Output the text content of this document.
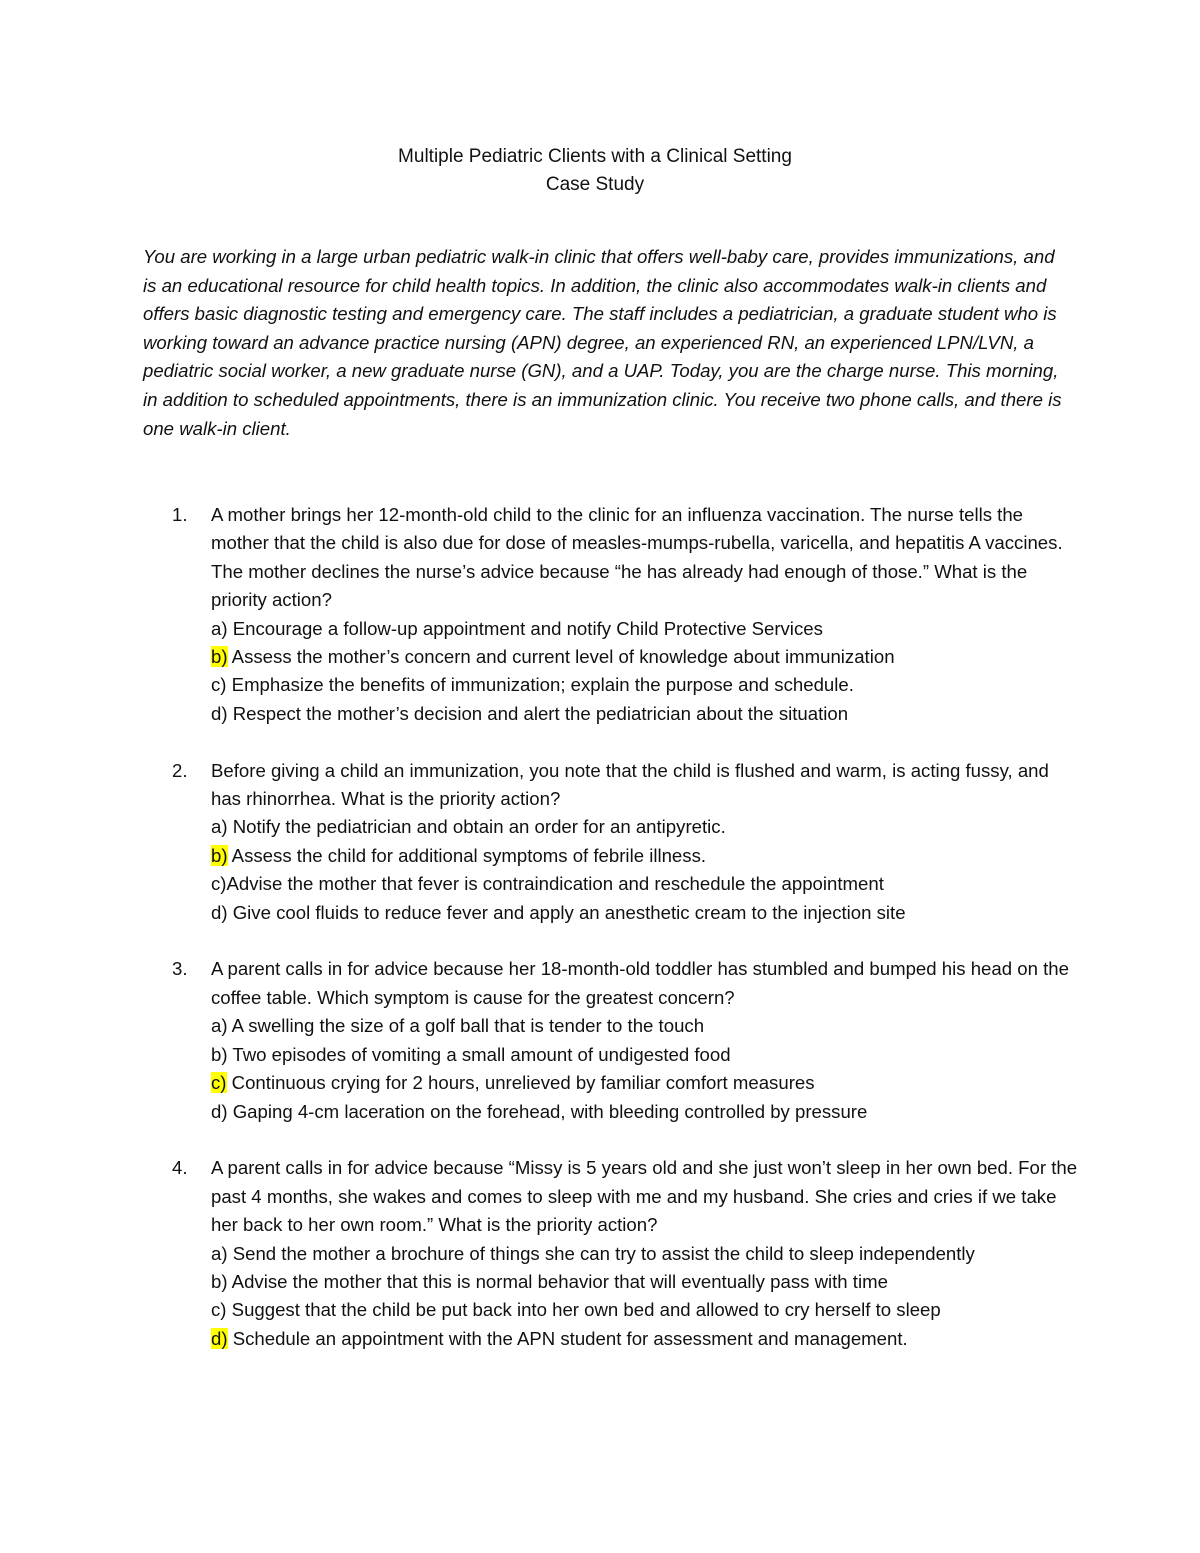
Multiple Pediatric Clients with a Clinical Setting
Case Study

You are working in a large urban pediatric walk-in clinic that offers well-baby care, provides immunizations, and is an educational resource for child health topics. In addition, the clinic also accommodates walk-in clients and offers basic diagnostic testing and emergency care. The staff includes a pediatrician, a graduate student who is working toward an advance practice nursing (APN) degree, an experienced RN, an experienced LPN/LVN, a pediatric social worker, a new graduate nurse (GN), and a UAP. Today, you are the charge nurse. This morning, in addition to scheduled appointments, there is an immunization clinic. You receive two phone calls, and there is one walk-in client.

1. A mother brings her 12-month-old child to the clinic for an influenza vaccination. The nurse tells the mother that the child is also due for dose of measles-mumps-rubella, varicella, and hepatitis A vaccines. The mother declines the nurse’s advice because “he has already had enough of those.” What is the priority action?
a) Encourage a follow-up appointment and notify Child Protective Services
b) Assess the mother’s concern and current level of knowledge about immunization
c) Emphasize the benefits of immunization; explain the purpose and schedule.
d) Respect the mother’s decision and alert the pediatrician about the situation
2. Before giving a child an immunization, you note that the child is flushed and warm, is acting fussy, and has rhinorrhea. What is the priority action?
a) Notify the pediatrician and obtain an order for an antipyretic.
b) Assess the child for additional symptoms of febrile illness.
c)Advise the mother that fever is contraindication and reschedule the appointment
d) Give cool fluids to reduce fever and apply an anesthetic cream to the injection site
3. A parent calls in for advice because her 18-month-old toddler has stumbled and bumped his head on the coffee table. Which symptom is cause for the greatest concern?
a) A swelling the size of a golf ball that is tender to the touch
b) Two episodes of vomiting a small amount of undigested food
c) Continuous crying for 2 hours, unrelieved by familiar comfort measures
d) Gaping 4-cm laceration on the forehead, with bleeding controlled by pressure
4. A parent calls in for advice because “Missy is 5 years old and she just won’t sleep in her own bed. For the past 4 months, she wakes and comes to sleep with me and my husband. She cries and cries if we take her back to her own room.” What is the priority action?
a) Send the mother a brochure of things she can try to assist the child to sleep independently
b) Advise the mother that this is normal behavior that will eventually pass with time
c) Suggest that the child be put back into her own bed and allowed to cry herself to sleep
d) Schedule an appointment with the APN student for assessment and management.
